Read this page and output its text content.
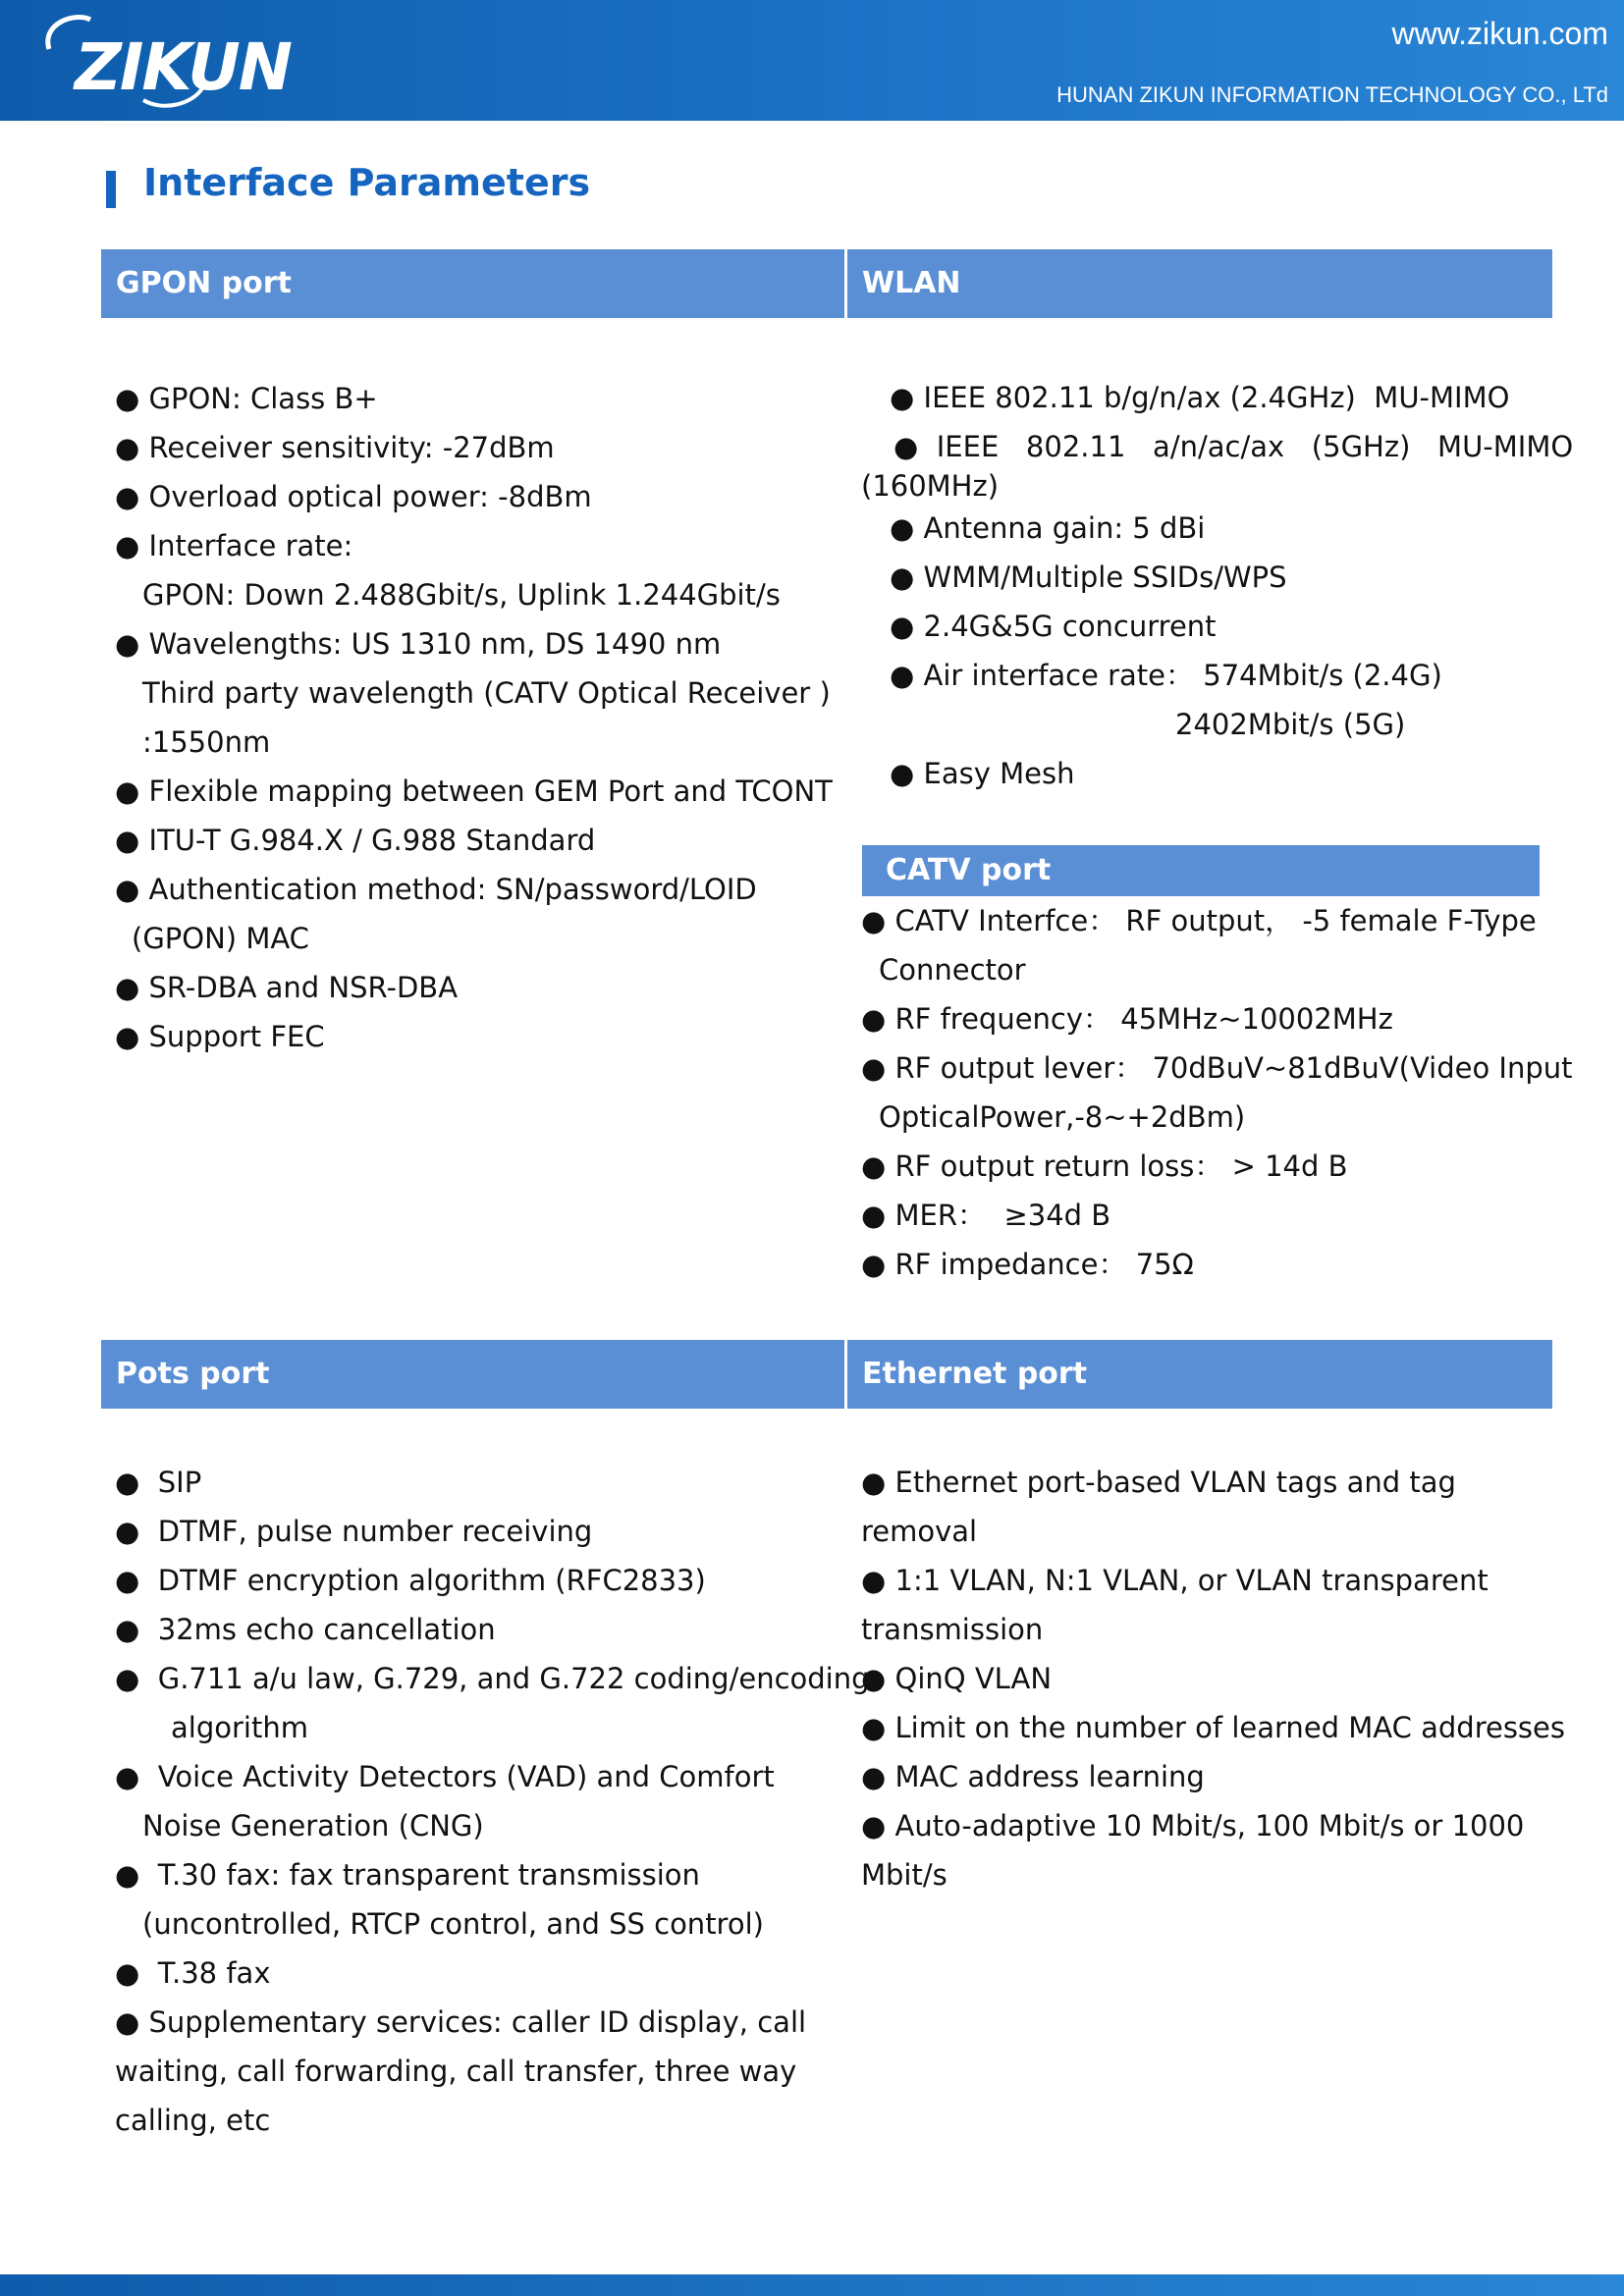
ZIKUN	www.zikun.com
HUNAN ZIKUN INFORMATION TECHNOLOGY CO., LTd
Interface Parameters
GPON port	WLAN
CATV port
Pots port	Ethernet port
● GPON: Class B+
● Receiver sensitivity: -27dBm
● Overload optical power: -8dBm
● Interface rate:
GPON: Down 2.488Gbit/s, Uplink 1.244Gbit/s
● Wavelengths: US 1310 nm, DS 1490 nm
Third party wavelength (CATV Optical Receiver )
:1550nm
● Flexible mapping between GEM Port and TCONT
● ITU-T G.984.X / G.988 Standard
● Authentication method: SN/password/LOID
(GPON) MAC
● SR-DBA and NSR-DBA
● Support FEC
● IEEE 802.11 b/g/n/ax (2.4GHz)  MU-MIMO
●  IEEE   802.11   a/n/ac/ax   (5GHz)   MU-MIMO
(160MHz)
● Antenna gain: 5 dBi
● WMM/Multiple SSIDs/WPS
● 2.4G&5G concurrent
● Air interface rate： 574Mbit/s (2.4G)
2402Mbit/s (5G)
● Easy Mesh
● CATV Interfce： RF output， -5 female F-Type
Connector
● RF frequency： 45MHz~10002MHz
● RF output lever： 70dBuV~81dBuV(Video Input
OpticalPower,-8~+2dBm)
● RF output return loss： > 14d B
● MER：  ≥34d B
● RF impedance： 75Ω
●  SIP
●  DTMF, pulse number receiving
●  DTMF encryption algorithm (RFC2833)
●  32ms echo cancellation
●  G.711 a/u law, G.729, and G.722 coding/encoding
algorithm
●  Voice Activity Detectors (VAD) and Comfort
Noise Generation (CNG)
●  T.30 fax: fax transparent transmission
(uncontrolled, RTCP control, and SS control)
●  T.38 fax
● Supplementary services: caller ID display, call
waiting, call forwarding, call transfer, three way
calling, etc
● Ethernet port-based VLAN tags and tag
removal
● 1:1 VLAN, N:1 VLAN, or VLAN transparent
transmission
● QinQ VLAN
● Limit on the number of learned MAC addresses
● MAC address learning
● Auto-adaptive 10 Mbit/s, 100 Mbit/s or 1000
Mbit/s
